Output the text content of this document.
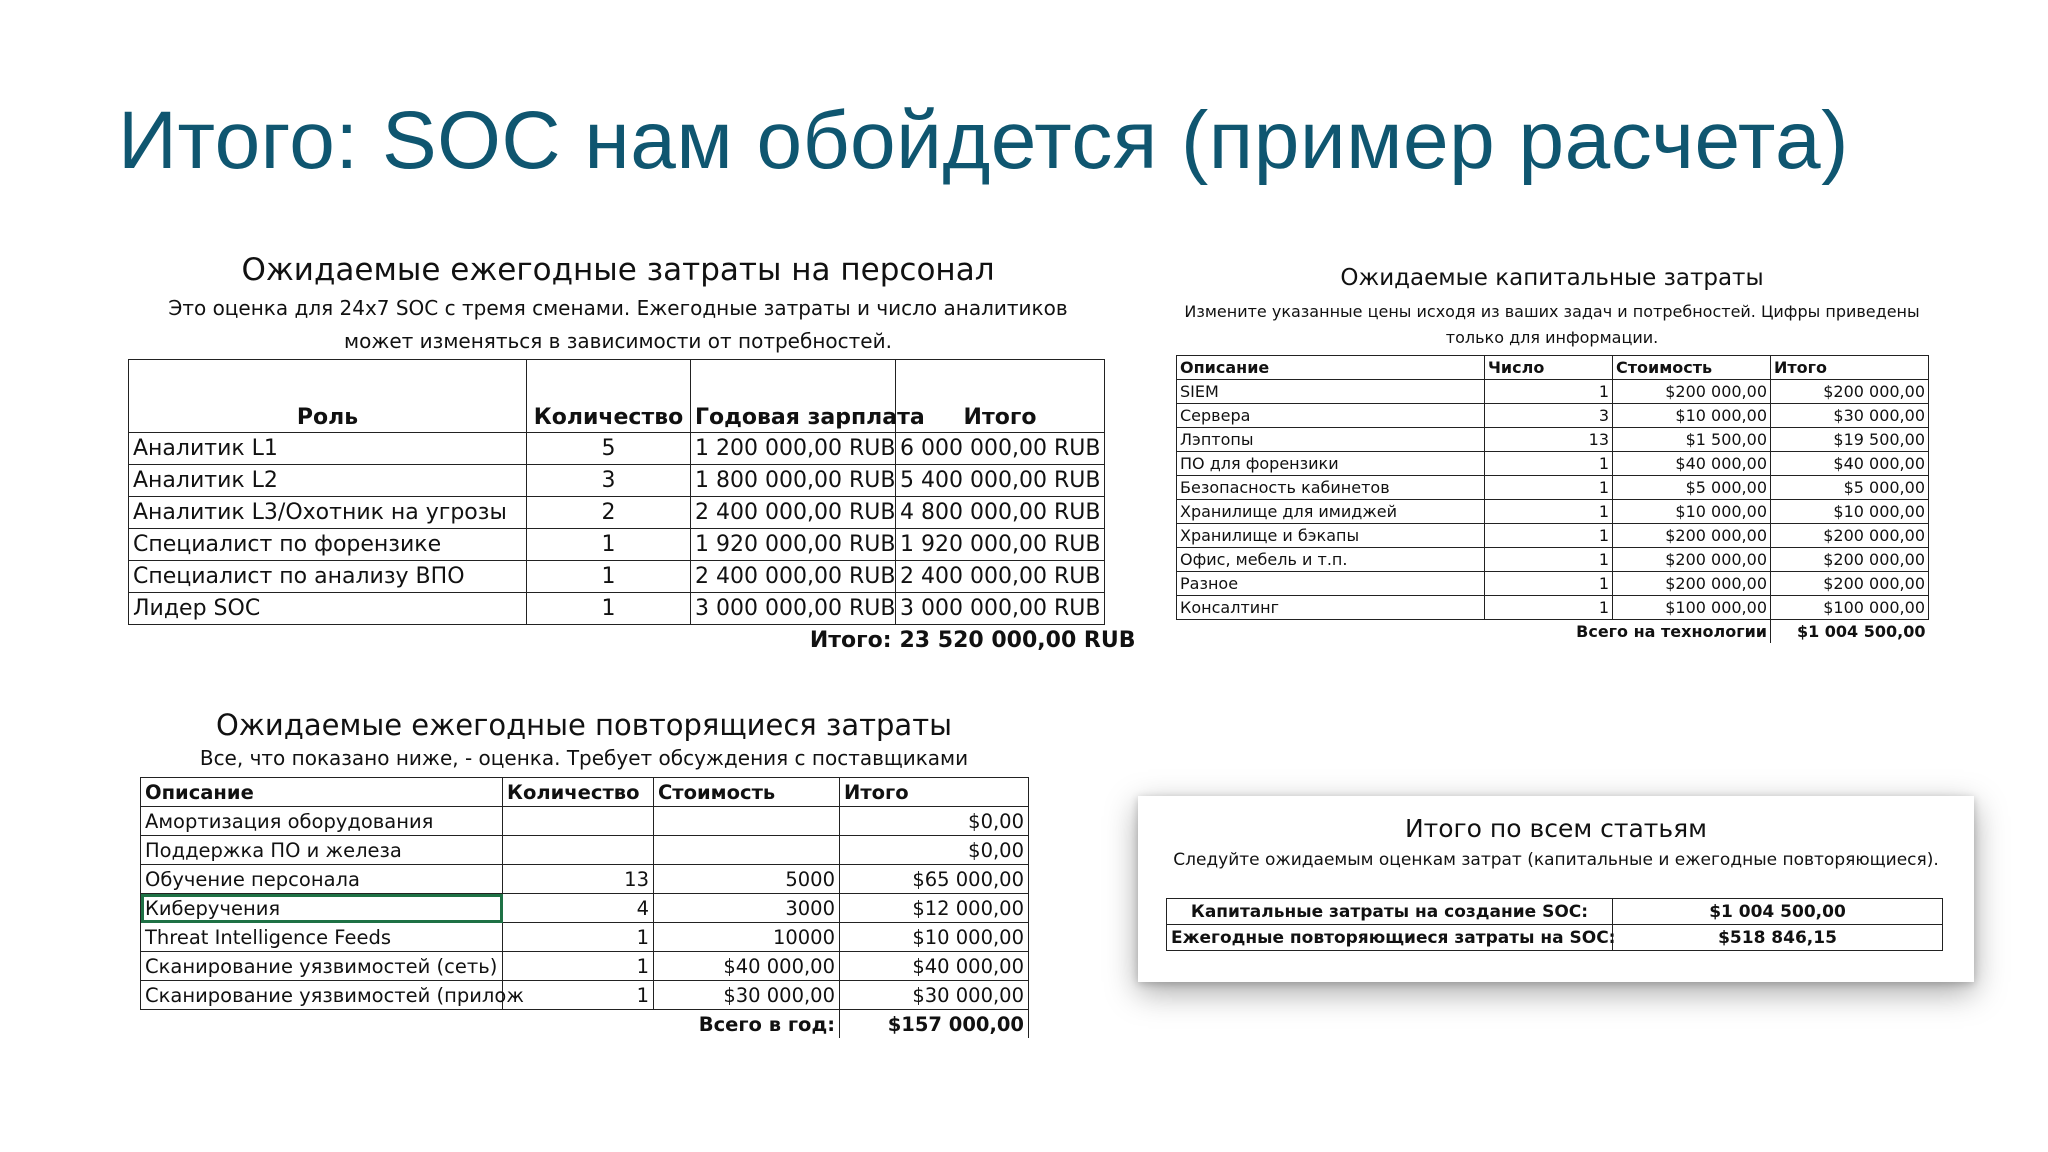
Итого: SOC нам обойдется (пример расчета)
Ожидаемые ежегодные затраты на персонал

Это оценка для 24x7 SOC с тремя сменами. Ежегодные затраты и число аналитиков
может изменяться в зависимости от потребностей.

Роль	Количество	Годовая зарплата	Итого
Аналитик L1	5	1 200 000,00 RUB	6 000 000,00 RUB
Аналитик L2	3	1 800 000,00 RUB	5 400 000,00 RUB
Аналитик L3/Охотник на угрозы	2	2 400 000,00 RUB	4 800 000,00 RUB
Специалист по форензике	1	1 920 000,00 RUB	1 920 000,00 RUB
Специалист по анализу ВПО	1	2 400 000,00 RUB	2 400 000,00 RUB
Лидер SOC	1	3 000 000,00 RUB	3 000 000,00 RUB
Итого:			23 520 000,00 RUB
Ожидаемые капитальные затраты

Измените указанные цены исходя из ваших задач и потребностей. Цифры приведены
только для информации.

Описание	Число	Стоимость	Итого
SIEM	1	$200 000,00	$200 000,00
Сервера	3	$10 000,00	$30 000,00
Лэптопы	13	$1 500,00	$19 500,00
ПО для форензики	1	$40 000,00	$40 000,00
Безопасность кабинетов	1	$5 000,00	$5 000,00
Хранилище для имиджей	1	$10 000,00	$10 000,00
Хранилище и бэкапы	1	$200 000,00	$200 000,00
Офис, мебель и т.п.	1	$200 000,00	$200 000,00
Разное	1	$200 000,00	$200 000,00
Консалтинг	1	$100 000,00	$100 000,00
Всего на технологии			$1 004 500,00
Ожидаемые ежегодные повторящиеся затраты

Все, что показано ниже, - оценка. Требует обсуждения с поставщиками

Описание	Количество	Стоимость	Итого
Амортизация оборудования			$0,00
Поддержка ПО и железа			$0,00
Обучение персонала	13	5000	$65 000,00
Киберучения	4	3000	$12 000,00
Threat Intelligence Feeds	1	10000	$10 000,00
Сканирование уязвимостей (сеть)	1	$40 000,00	$40 000,00
Сканирование уязвимостей (прилож	1	$30 000,00	$30 000,00
Всего в год:			$157 000,00
Итого по всем статьям

Следуйте ожидаемым оценкам затрат (капитальные и ежегодные повторяющиеся).

Капитальные затраты на создание SOC:	$1 004 500,00
Ежегодные повторяющиеся затраты на SOC:	$518 846,15
